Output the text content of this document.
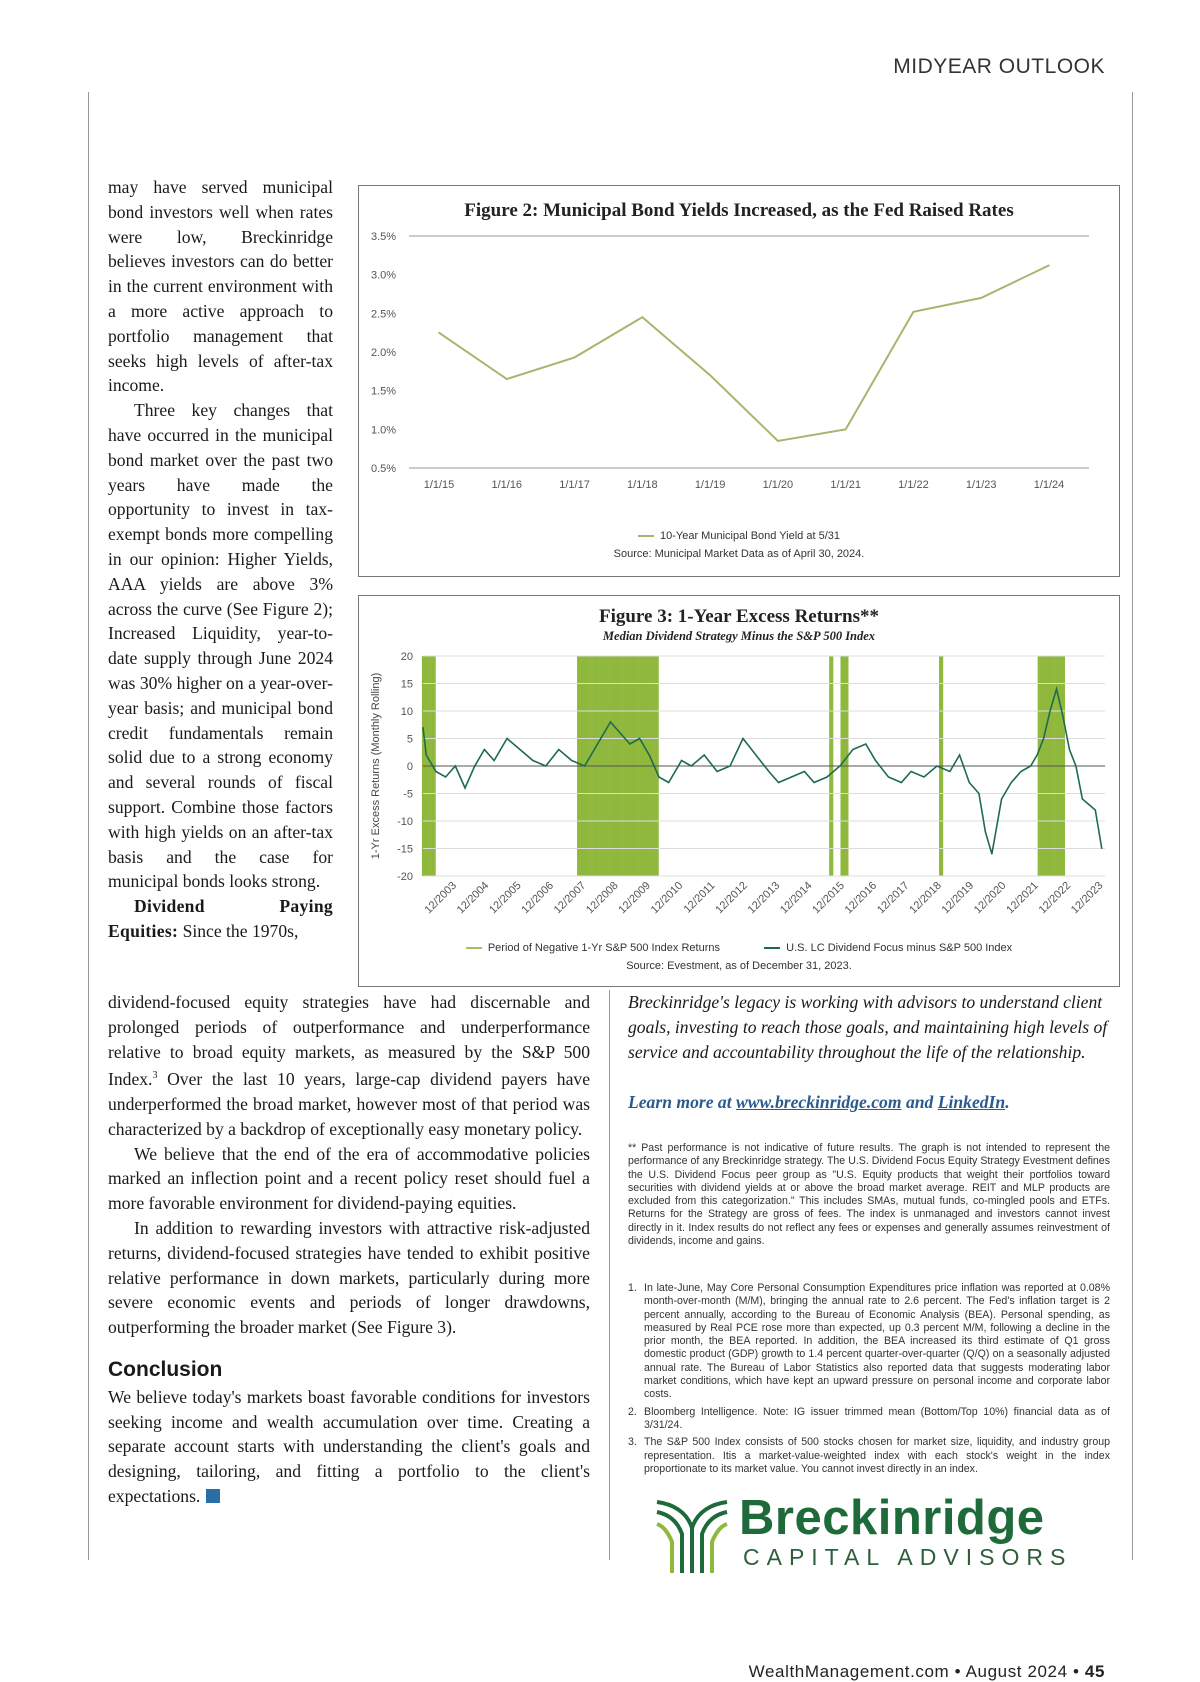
MIDYEAR OUTLOOK

may have served municipal bond investors well when rates were low, Breckinridge believes investors can do better in the current environment with a more active approach to portfolio management that seeks high levels of after-tax income.

Three key changes that have occurred in the municipal bond market over the past two years have made the opportunity to invest in tax-exempt bonds more compelling in our opinion: Higher Yields, AAA yields are above 3% across the curve (See Figure 2); Increased Liquidity, year-to-date supply through June 2024 was 30% higher on a year-over-year basis; and municipal bond credit fundamentals remain solid due to a strong economy and several rounds of fiscal support. Combine those factors with high yields on an after-tax basis and the case for municipal bonds looks strong.

Dividend Paying Equities: Since the 1970s,

dividend-focused equity strategies have had discernable and prolonged periods of outperformance and underperformance relative to broad equity markets, as measured by the S&P 500 Index.$^3$ Over the last 10 years, large-cap dividend payers have underperformed the broad market, however most of that period was characterized by a backdrop of exceptionally easy monetary policy.

We believe that the end of the era of accommodative policies marked an inflection point and a recent policy reset should fuel a more favorable environment for dividend-paying equities.

In addition to rewarding investors with attractive risk-adjusted returns, dividend-focused strategies have tended to exhibit positive relative performance in down markets, particularly during more severe economic events and periods of longer drawdowns, outperforming the broader market (See Figure 3).

Conclusion

We believe today's markets boast favorable conditions for investors seeking income and wealth accumulation over time. Creating a separate account starts with understanding the client's goals and designing, tailoring, and fitting a portfolio to the client's expectations.

Figure 2: Municipal Bond Yields Increased, as the Fed Raised Rates
3.5%
3.0%
2.5%
2.0%
1.5%
1.0%
0.5%
1/1/15	1/1/16	1/1/17	1/1/18	1/1/19	1/1/20	1/1/21	1/1/22	1/1/23	1/1/24
10-Year Municipal Bond Yield at 5/31
Source: Municipal Market Data as of April 30, 2024.
Figure 3: 1-Year Excess Returns**
Median Dividend Strategy Minus the S&P 500 Index
1-Yr Excess Returns (Monthly Rolling)
20
15
10
5
0
-5
-10
-15
-20
12/2003
12/2004
12/2005
12/2006
12/2007
12/2008
12/2009
12/2010
12/2011
12/2012
12/2013
12/2014
12/2015
12/2016
12/2017
12/2018
12/2019
12/2020
12/2021
12/2022
12/2023
Period of Negative 1-Yr S&P 500 Index Returns	U.S. LC Dividend Focus minus S&P 500 Index
Source: Evestment, as of December 31, 2023.
Breckinridge's legacy is working with advisors to understand client goals, investing to reach those goals, and maintaining high levels of service and accountability throughout the life of the relationship.
Learn more at www.breckinridge.com and LinkedIn.
** Past performance is not indicative of future results. The graph is not intended to represent the performance of any Breckinridge strategy. The U.S. Dividend Focus Equity Strategy Evestment defines the U.S. Dividend Focus peer group as "U.S. Equity products that weight their portfolios toward securities with dividend yields at or above the broad market average. REIT and MLP products are excluded from this categorization." This includes SMAs, mutual funds, co-mingled pools and ETFs. Returns for the Strategy are gross of fees. The index is unmanaged and investors cannot invest directly in it. Index results do not reflect any fees or expenses and generally assumes reinvestment of dividends, income and gains.
1. In late-June, May Core Personal Consumption Expenditures price inflation was reported at 0.08% month-over-month (M/M), bringing the annual rate to 2.6 percent. The Fed's inflation target is 2 percent annually, according to the Bureau of Economic Analysis (BEA). Personal spending, as measured by Real PCE rose more than expected, up 0.3 percent M/M, following a decline in the prior month, the BEA reported. In addition, the BEA increased its third estimate of Q1 gross domestic product (GDP) growth to 1.4 percent quarter-over-quarter (Q/Q) on a seasonally adjusted annual rate. The Bureau of Labor Statistics also reported data that suggests moderating labor market conditions, which have kept an upward pressure on personal income and corporate labor costs.
2. Bloomberg Intelligence. Note: IG issuer trimmed mean (Bottom/Top 10%) financial data as of 3/31/24.
3. The S&P 500 Index consists of 500 stocks chosen for market size, liquidity, and industry group representation. Itis a market-value-weighted index with each stock's weight in the index proportionate to its market value. You cannot invest directly in an index.
Breckinridge
CAPITAL ADVISORS
WealthManagement.com • August 2024 • 45
